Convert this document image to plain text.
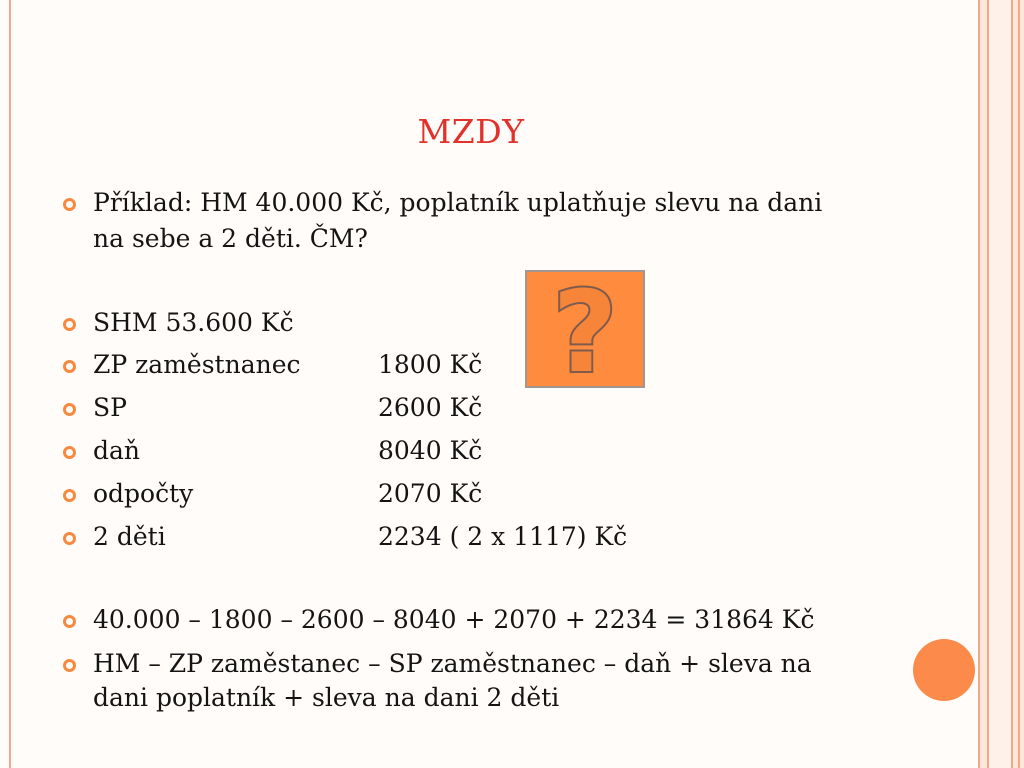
MZDY
Příklad: HM 40.000 Kč, poplatník uplatňuje slevu na dani
na sebe a 2 děti. ČM?
SHM 53.600 Kč
ZP zaměstnanec	1800 Kč
SP	2600 Kč
daň	8040 Kč
odpočty	2070 Kč
2 děti	2234 ( 2 x 1117) Kč
40.000 – 1800 – 2600 – 8040 + 2070 + 2234 = 31864 Kč
HM – ZP zaměstanec – SP zaměstnanec – daň + sleva na
dani poplatník + sleva na dani 2 děti
?
